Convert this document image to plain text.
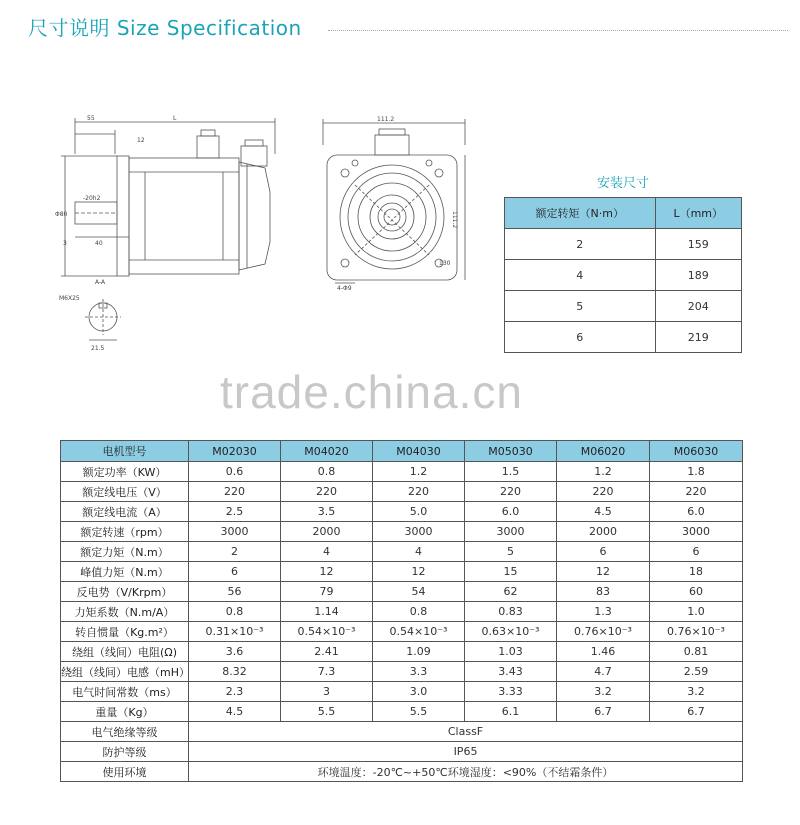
尺寸说明 Size Specification
L
55
12
-20h2
Φ80
40
3
A-A
M6X25
21.5
111.2
111.2
130
4-Φ9
安装尺寸
额定转矩（N·m）	L（mm）
2	159
4	189
5	204
6	219
trade.china.cn
电机型号	M02030	M04020	M04030	M05030	M06020	M06030
额定功率（KW）	0.6	0.8	1.2	1.5	1.2	1.8
额定线电压（V）	220	220	220	220	220	220
额定线电流（A）	2.5	3.5	5.0	6.0	4.5	6.0
额定转速（rpm）	3000	2000	3000	3000	2000	3000
额定力矩（N.m）	2	4	4	5	6	6
峰值力矩（N.m）	6	12	12	15	12	18
反电势（V/Krpm）	56	79	54	62	83	60
力矩系数（N.m/A）	0.8	1.14	0.8	0.83	1.3	1.0
转自惯量（Kg.m²）	0.31×10⁻³	0.54×10⁻³	0.54×10⁻³	0.63×10⁻³	0.76×10⁻³	0.76×10⁻³
绕组（线间）电阻(Ω)	3.6	2.41	1.09	1.03	1.46	0.81
绕组（线间）电感（mH）	8.32	7.3	3.3	3.43	4.7	2.59
电气时间常数（ms）	2.3	3	3.0	3.33	3.2	3.2
重量（Kg）	4.5	5.5	5.5	6.1	6.7	6.7
电气绝缘等级	ClassF					
防护等级	IP65					
使用环境	环境温度：-20℃~+50℃环境湿度：<90%（不结霜条件）					
